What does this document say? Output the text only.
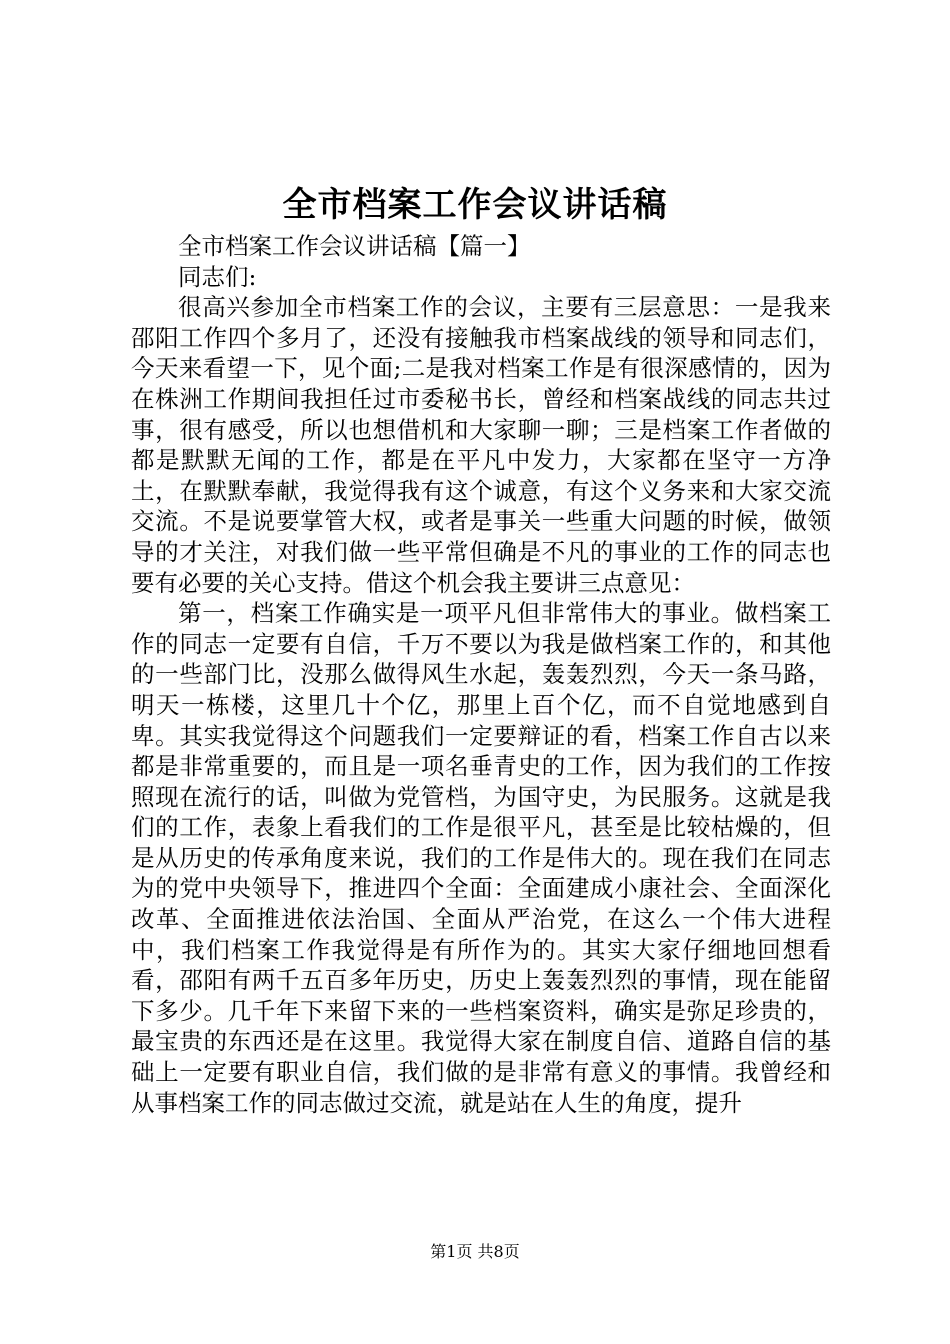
全市档案工作会议讲话稿

全市档案工作会议讲话稿【篇一】

同志们:

很高兴参加全市档案工作的会议，主要有三层意思：一是我来邵阳工作四个多月了，还没有接触我市档案战线的领导和同志们，今天来看望一下，见个面;二是我对档案工作是有很深感情的，因为在株洲工作期间我担任过市委秘书长，曾经和档案战线的同志共过事，很有感受，所以也想借机和大家聊一聊；三是档案工作者做的都是默默无闻的工作，都是在平凡中发力，大家都在坚守一方净土，在默默奉献，我觉得我有这个诚意，有这个义务来和大家交流交流。不是说要掌管大权，或者是事关一些重大问题的时候，做领导的才关注，对我们做一些平常但确是不凡的事业的工作的同志也要有必要的关心支持。借这个机会我主要讲三点意见：

第一，档案工作确实是一项平凡但非常伟大的事业。做档案工作的同志一定要有自信，千万不要以为我是做档案工作的，和其他的一些部门比，没那么做得风生水起，轰轰烈烈，今天一条马路，明天一栋楼，这里几十个亿，那里上百个亿，而不自觉地感到自卑。其实我觉得这个问题我们一定要辩证的看，档案工作自古以来都是非常重要的，而且是一项名垂青史的工作，因为我们的工作按照现在流行的话，叫做为党管档，为国守史，为民服务。这就是我们的工作，表象上看我们的工作是很平凡，甚至是比较枯燥的，但是从历史的传承角度来说，我们的工作是伟大的。现在我们在同志为的党中央领导下，推进四个全面：全面建成小康社会、全面深化改革、全面推进依法治国、全面从严治党，在这么一个伟大进程中，我们档案工作我觉得是有所作为的。其实大家仔细地回想看看，邵阳有两千五百多年历史，历史上轰轰烈烈的事情，现在能留下多少。几千年下来留下来的一些档案资料，确实是弥足珍贵的，最宝贵的东西还是在这里。我觉得大家在制度自信、道路自信的基础上一定要有职业自信，我们做的是非常有意义的事情。我曾经和从事档案工作的同志做过交流，就是站在人生的角度，提升

第1页 共8页
